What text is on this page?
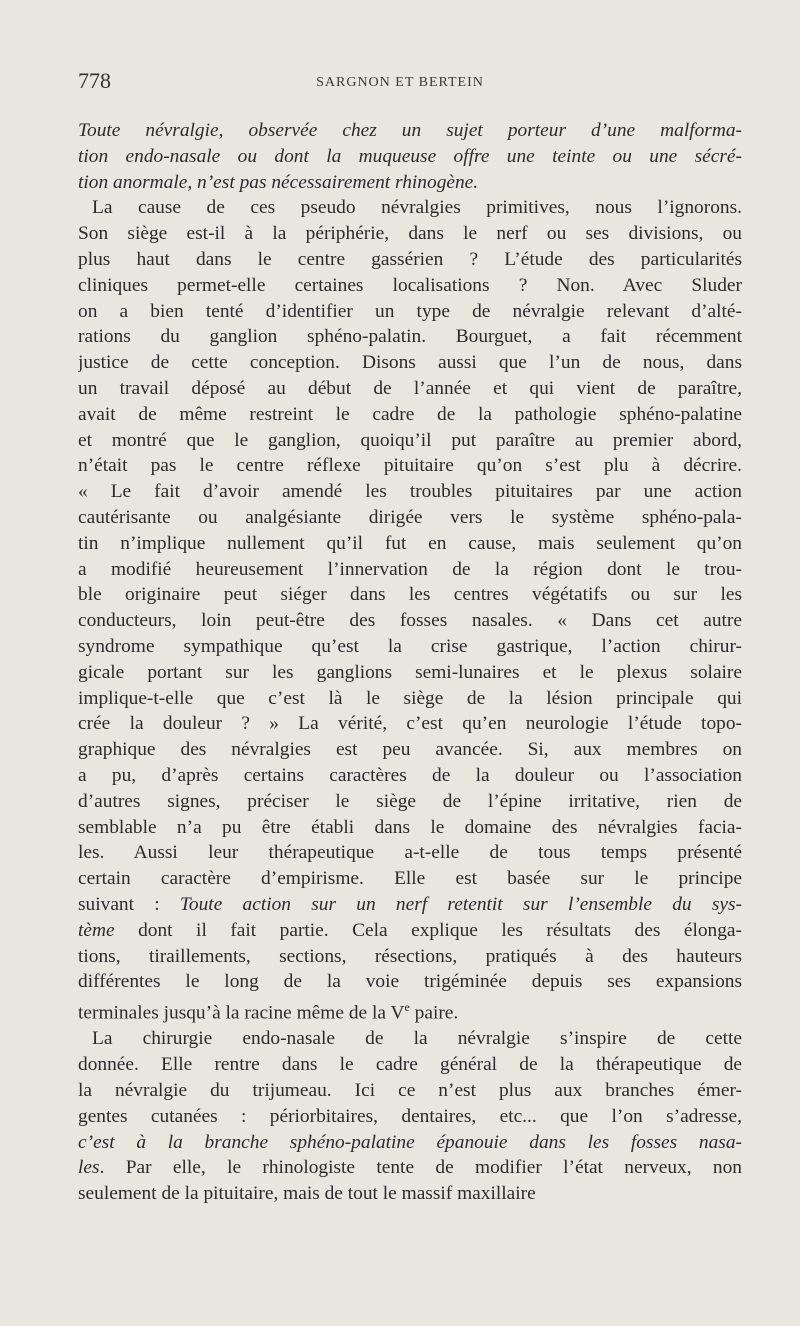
778	SARGNON ET BERTEIN
Toute névralgie, observée chez un sujet porteur d’une malforma-
tion endo-nasale ou dont la muqueuse offre une teinte ou une sécré-
tion anormale, n’est pas nécessairement rhinogène.
La cause de ces pseudo névralgies primitives, nous l’ignorons.
Son siège est-il à la périphérie, dans le nerf ou ses divisions, ou
plus haut dans le centre gassérien ? L’étude des particularités
cliniques permet-elle certaines localisations ? Non. Avec Sluder
on a bien tenté d’identifier un type de névralgie relevant d’alté-
rations du ganglion sphéno-palatin. Bourguet, a fait récemment
justice de cette conception. Disons aussi que l’un de nous, dans
un travail déposé au début de l’année et qui vient de paraître,
avait de même restreint le cadre de la pathologie sphéno-palatine
et montré que le ganglion, quoiqu’il put paraître au premier abord,
n’était pas le centre réflexe pituitaire qu’on s’est plu à décrire.
« Le fait d’avoir amendé les troubles pituitaires par une action
cautérisante ou analgésiante dirigée vers le système sphéno-pala-
tin n’implique nullement qu’il fut en cause, mais seulement qu’on
a modifié heureusement l’innervation de la région dont le trou-
ble originaire peut siéger dans les centres végétatifs ou sur les
conducteurs, loin peut-être des fosses nasales. « Dans cet autre
syndrome sympathique qu’est la crise gastrique, l’action chirur-
gicale portant sur les ganglions semi-lunaires et le plexus solaire
implique-t-elle que c’est là le siège de la lésion principale qui
crée la douleur ? » La vérité, c’est qu’en neurologie l’étude topo-
graphique des névralgies est peu avancée. Si, aux membres on
a pu, d’après certains caractères de la douleur ou l’association
d’autres signes, préciser le siège de l’épine irritative, rien de
semblable n’a pu être établi dans le domaine des névralgies facia-
les. Aussi leur thérapeutique a-t-elle de tous temps présenté
certain caractère d’empirisme. Elle est basée sur le principe
suivant : Toute action sur un nerf retentit sur l’ensemble du sys-
tème dont il fait partie. Cela explique les résultats des élonga-
tions, tiraillements, sections, résections, pratiqués à des hauteurs
différentes le long de la voie trigéminée depuis ses expansions
terminales jusqu’à la racine même de la Ve paire.
La chirurgie endo-nasale de la névralgie s’inspire de cette
donnée. Elle rentre dans le cadre général de la thérapeutique de
la névralgie du trijumeau. Ici ce n’est plus aux branches émer-
gentes cutanées : périorbitaires, dentaires, etc... que l’on s’adresse,
c’est à la branche sphéno-palatine épanouie dans les fosses nasa-
les. Par elle, le rhinologiste tente de modifier l’état nerveux, non
seulement de la pituitaire, mais de tout le massif maxillaire
